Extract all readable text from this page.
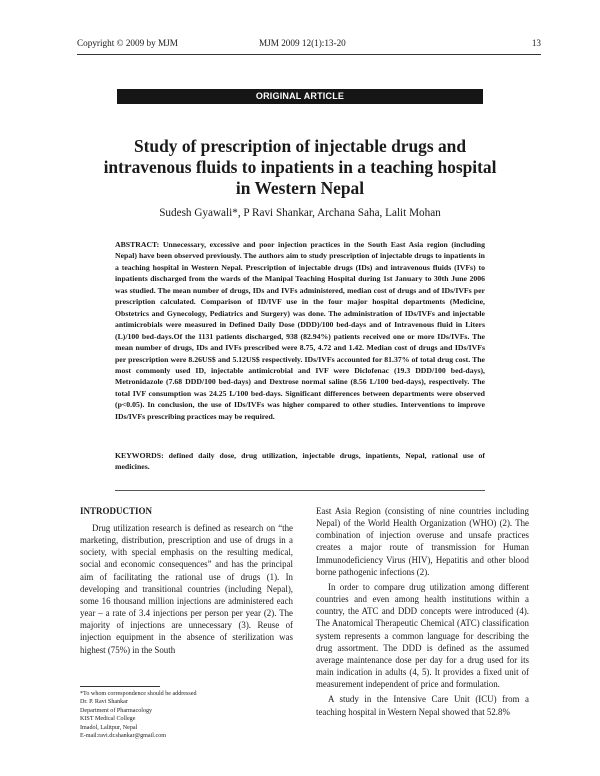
Copyright © 2009 by MJM	MJM 2009 12(1):13-20	13
ORIGINAL ARTICLE
Study of prescription of injectable drugs and intravenous fluids to inpatients in a teaching hospital in Western Nepal
Sudesh Gyawali*, P Ravi Shankar, Archana Saha, Lalit Mohan

ABSTRACT: Unnecessary, excessive and poor injection practices in the South East Asia region (including Nepal) have been observed previously. The authors aim to study prescription of injectable drugs to inpatients in a teaching hospital in Western Nepal. Prescription of injectable drugs (IDs) and intravenous fluids (IVFs) to inpatients discharged from the wards of the Manipal Teaching Hospital during 1st January to 30th June 2006 was studied. The mean number of drugs, IDs and IVFs administered, median cost of drugs and of IDs/IVFs per prescription calculated. Comparison of ID/IVF use in the four major hospital departments (Medicine, Obstetrics and Gynecology, Pediatrics and Surgery) was done. The administration of IDs/IVFs and injectable antimicrobials were measured in Defined Daily Dose (DDD)/100 bed-days and of Intravenous fluid in Liters (L)/100 bed-days.Of the 1131 patients discharged, 938 (82.94%) patients received one or more IDs/IVFs. The mean number of drugs, IDs and IVFs prescribed were 8.75, 4.72 and 1.42. Median cost of drugs and IDs/IVFs per prescription were 8.26US$ and 5.12US$ respectively. IDs/IVFs accounted for 81.37% of total drug cost. The most commonly used ID, injectable antimicrobial and IVF were Diclofenac (19.3 DDD/100 bed-days), Metronidazole (7.68 DDD/100 bed-days) and Dextrose normal saline (8.56 L/100 bed-days), respectively. The total IVF consumption was 24.25 L/100 bed-days. Significant differences between departments were observed (p<0.05). In conclusion, the use of IDs/IVFs was higher compared to other studies. Interventions to improve IDs/IVFs prescribing practices may be required.

KEYWORDS: defined daily dose, drug utilization, injectable drugs, inpatients, Nepal, rational use of medicines.

INTRODUCTION

Drug utilization research is defined as research on “the marketing, distribution, prescription and use of drugs in a society, with special emphasis on the resulting medical, social and economic consequences” and has the principal aim of facilitating the rational use of drugs (1). In developing and transitional countries (including Nepal), some 16 thousand million injections are administered each year – a rate of 3.4 injections per person per year (2). The majority of injections are unnecessary (3). Reuse of injection equipment in the absence of sterilization was highest (75%) in the South

East Asia Region (consisting of nine countries including Nepal) of the World Health Organization (WHO) (2). The combination of injection overuse and unsafe practices creates a major route of transmission for Human Immunodeficiency Virus (HIV), Hepatitis and other blood borne pathogenic infections (2).

In order to compare drug utilization among different countries and even among health institutions within a country, the ATC and DDD concepts were introduced (4). The Anatomical Therapeutic Chemical (ATC) classification system represents a common language for describing the drug assortment. The DDD is defined as the assumed average maintenance dose per day for a drug used for its main indication in adults (4, 5). It provides a fixed unit of measurement independent of price and formulation.

A study in the Intensive Care Unit (ICU) from a teaching hospital in Western Nepal showed that 52.8%

*To whom correspondence should be addressed
Dr. P. Ravi Shankar
Department of Pharmacology
KIST Medical College
Imadol, Lalitpur, Nepal
E-mail:ravi.dr.shankar@gmail.com
